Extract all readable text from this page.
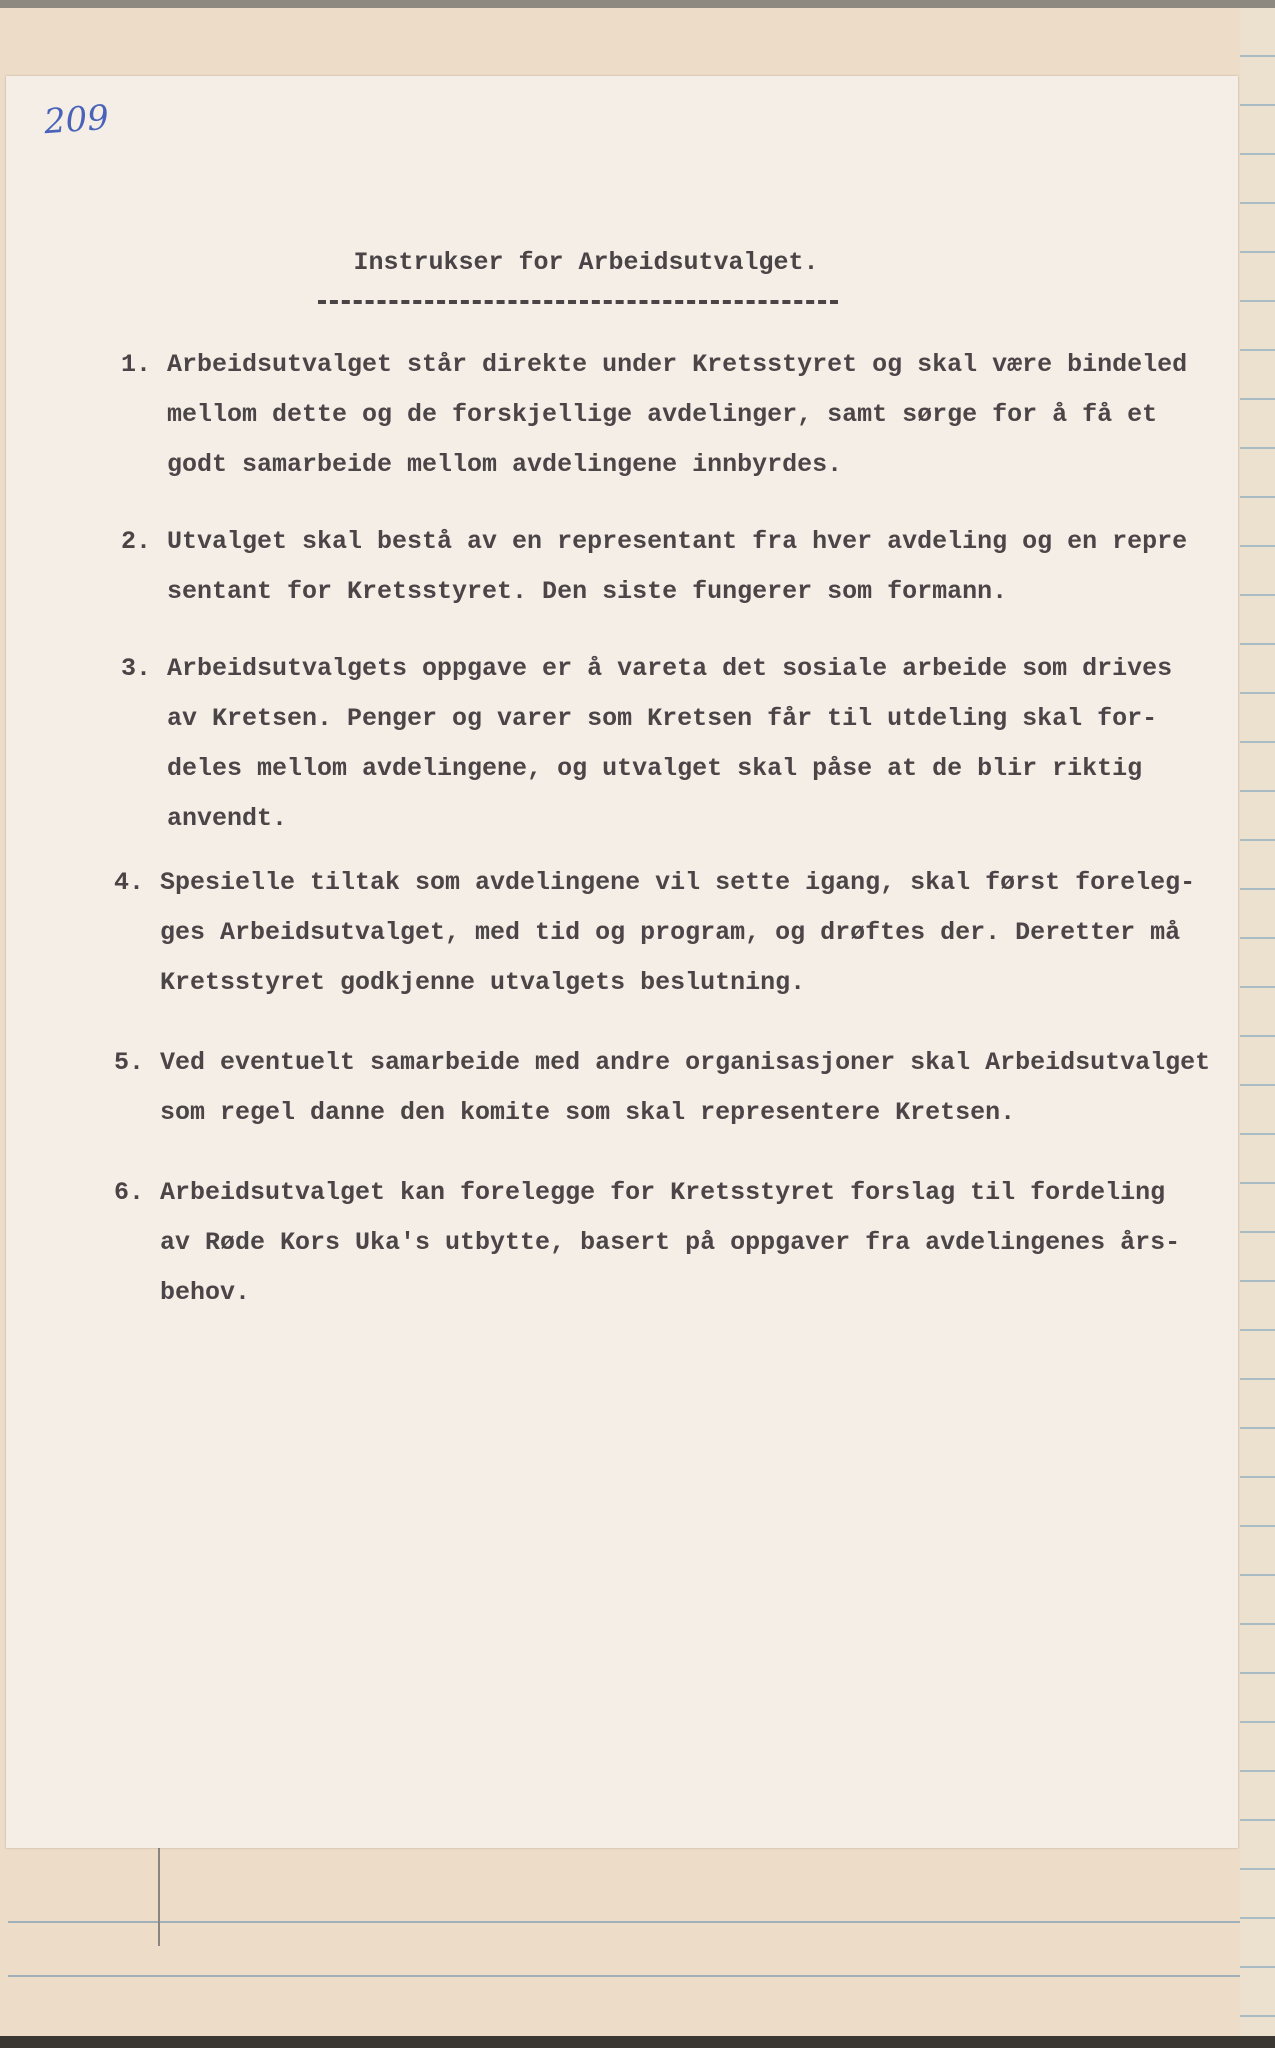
209
Instrukser for Arbeidsutvalget.
1. Arbeidsutvalget står direkte under Kretsstyret og skal være bindeled
mellom dette og de forskjellige avdelinger, samt sørge for å få et
godt samarbeide mellom avdelingene innbyrdes.
2. Utvalget skal bestå av en representant fra hver avdeling og en repre
sentant for Kretsstyret. Den siste fungerer som formann.
3. Arbeidsutvalgets oppgave er å vareta det sosiale arbeide som drives
av Kretsen. Penger og varer som Kretsen får til utdeling skal for-
deles mellom avdelingene, og utvalget skal påse at de blir riktig
anvendt.
4. Spesielle tiltak som avdelingene vil sette igang, skal først foreleg-
ges Arbeidsutvalget, med tid og program, og drøftes der. Deretter må
Kretsstyret godkjenne utvalgets beslutning.
5. Ved eventuelt samarbeide med andre organisasjoner skal Arbeidsutvalget
som regel danne den komite som skal representere Kretsen.
6. Arbeidsutvalget kan forelegge for Kretsstyret forslag til fordeling
av Røde Kors Uka's utbytte, basert på oppgaver fra avdelingenes års-
behov.
